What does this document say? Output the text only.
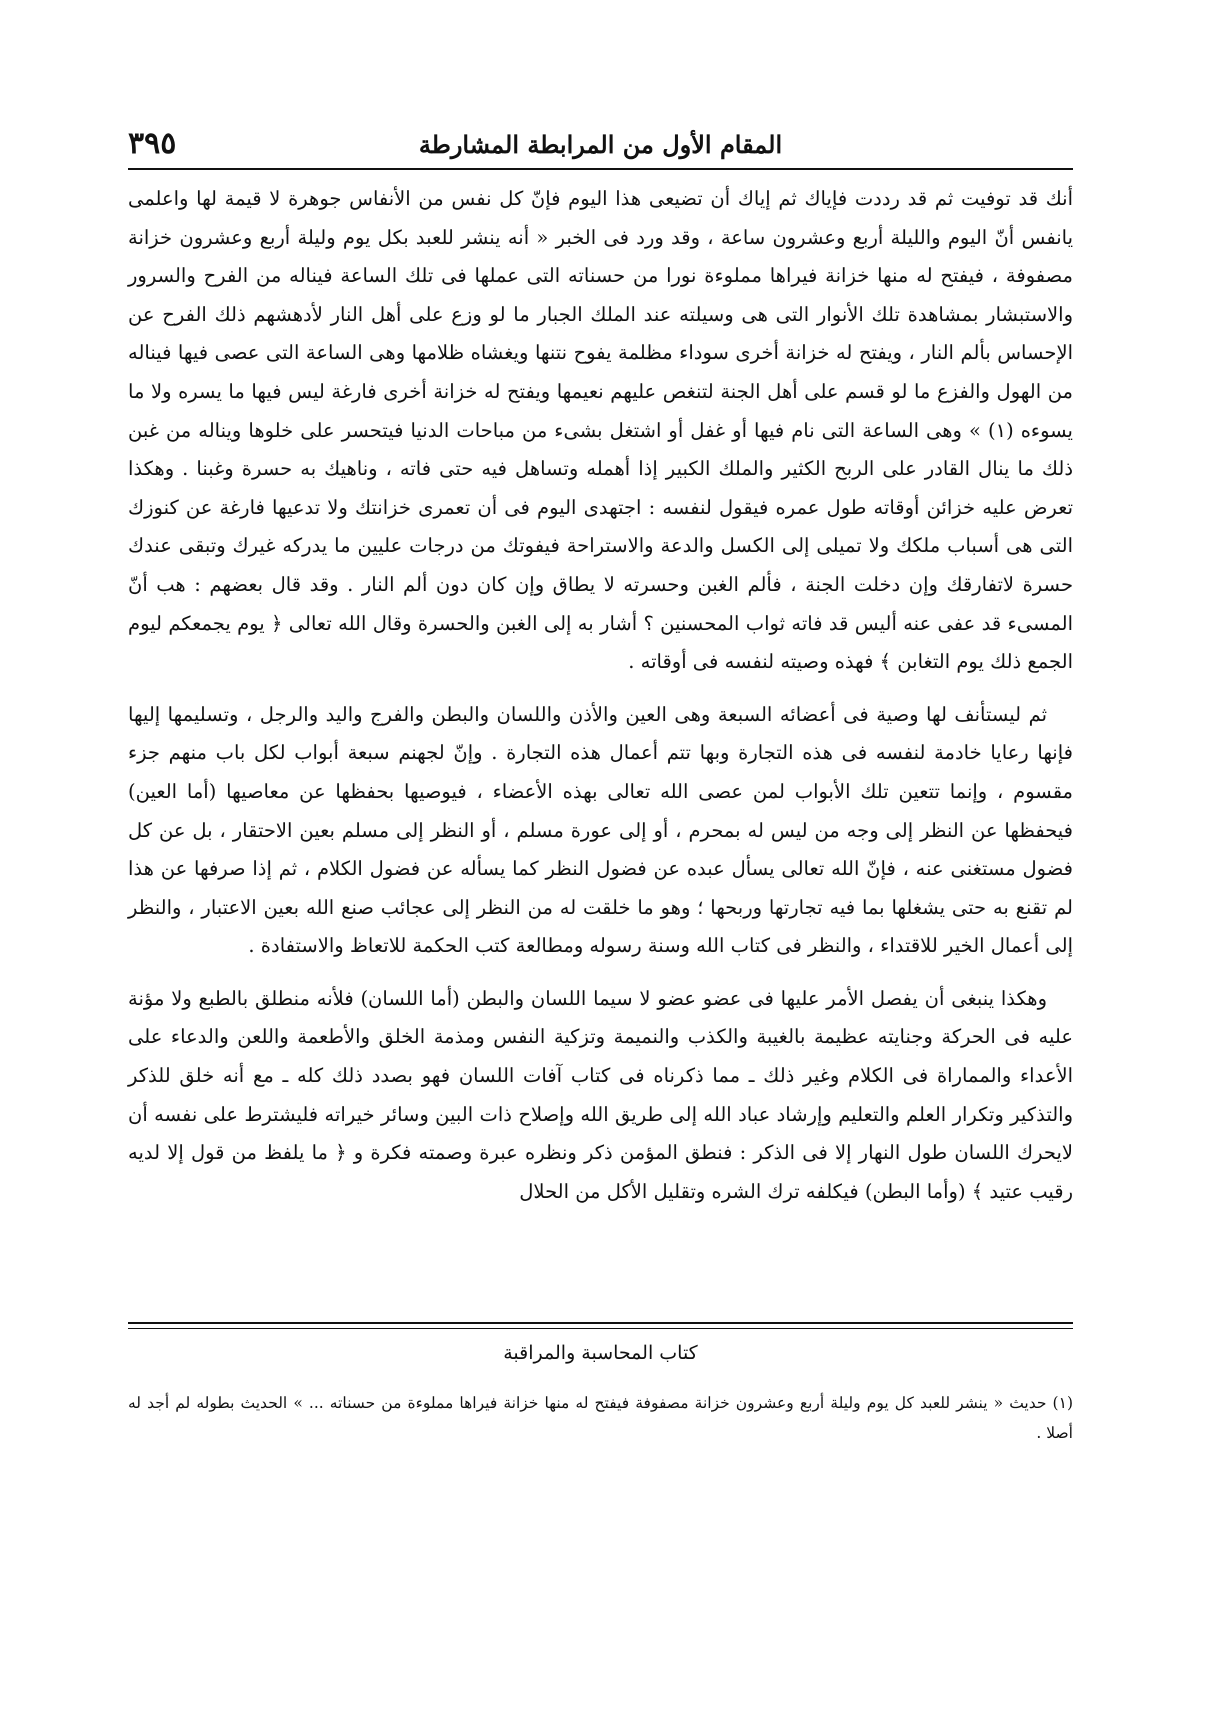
٣٩٥	المقام الأول من المرابطة المشارطة

أنك قد توفيت ثم قد رددت فإياك ثم إياك أن تضيعى هذا اليوم فإنّ كل نفس من الأنفاس جوهرة لا قيمة لها واعلمى يانفس أنّ اليوم والليلة أربع وعشرون ساعة ، وقد ورد فى الخبر « أنه ينشر للعبد بكل يوم وليلة أربع وعشرون خزانة مصفوفة ، فيفتح له منها خزانة فيراها مملوءة نورا من حسناته التى عملها فى تلك الساعة فيناله من الفرح والسرور والاستبشار بمشاهدة تلك الأنوار التى هى وسيلته عند الملك الجبار ما لو وزع على أهل النار لأدهشهم ذلك الفرح عن الإحساس بألم النار ، ويفتح له خزانة أخرى سوداء مظلمة يفوح نتنها ويغشاه ظلامها وهى الساعة التى عصى فيها فيناله من الهول والفزع ما لو قسم على أهل الجنة لتنغص عليهم نعيمها ويفتح له خزانة أخرى فارغة ليس فيها ما يسره ولا ما يسوءه (١) » وهى الساعة التى نام فيها أو غفل أو اشتغل بشىء من مباحات الدنيا فيتحسر على خلوها ويناله من غبن ذلك ما ينال القادر على الربح الكثير والملك الكبير إذا أهمله وتساهل فيه حتى فاته ، وناهيك به حسرة وغبنا . وهكذا تعرض عليه خزائن أوقاته طول عمره فيقول لنفسه : اجتهدى اليوم فى أن تعمرى خزانتك ولا تدعيها فارغة عن كنوزك التى هى أسباب ملكك ولا تميلى إلى الكسل والدعة والاستراحة فيفوتك من درجات عليين ما يدركه غيرك وتبقى عندك حسرة لاتفارقك وإن دخلت الجنة ، فألم الغبن وحسرته لا يطاق وإن كان دون ألم النار . وقد قال بعضهم : هب أنّ المسىء قد عفى عنه أليس قد فاته ثواب المحسنين ؟ أشار به إلى الغبن والحسرة وقال الله تعالى ﴿ يوم يجمعكم ليوم الجمع ذلك يوم التغابن ﴾ فهذه وصيته لنفسه فى أوقاته .

ثم ليستأنف لها وصية فى أعضائه السبعة وهى العين والأذن واللسان والبطن والفرج واليد والرجل ، وتسليمها إليها فإنها رعايا خادمة لنفسه فى هذه التجارة وبها تتم أعمال هذه التجارة . وإنّ لجهنم سبعة أبواب لكل باب منهم جزء مقسوم ، وإنما تتعين تلك الأبواب لمن عصى الله تعالى بهذه الأعضاء ، فيوصيها بحفظها عن معاصيها (أما العين) فيحفظها عن النظر إلى وجه من ليس له بمحرم ، أو إلى عورة مسلم ، أو النظر إلى مسلم بعين الاحتقار ، بل عن كل فضول مستغنى عنه ، فإنّ الله تعالى يسأل عبده عن فضول النظر كما يسأله عن فضول الكلام ، ثم إذا صرفها عن هذا لم تقنع به حتى يشغلها بما فيه تجارتها وربحها ؛ وهو ما خلقت له من النظر إلى عجائب صنع الله بعين الاعتبار ، والنظر إلى أعمال الخير للاقتداء ، والنظر فى كتاب الله وسنة رسوله ومطالعة كتب الحكمة للاتعاظ والاستفادة .

وهكذا ينبغى أن يفصل الأمر عليها فى عضو عضو لا سيما اللسان والبطن (أما اللسان) فلأنه منطلق بالطبع ولا مؤنة عليه فى الحركة وجنايته عظيمة بالغيبة والكذب والنميمة وتزكية النفس ومذمة الخلق والأطعمة واللعن والدعاء على الأعداء والمماراة فى الكلام وغير ذلك ـ مما ذكرناه فى كتاب آفات اللسان فهو بصدد ذلك كله ـ مع أنه خلق للذكر والتذكير وتكرار العلم والتعليم وإرشاد عباد الله إلى طريق الله وإصلاح ذات البين وسائر خيراته فليشترط على نفسه أن لايحرك اللسان طول النهار إلا فى الذكر : فنطق المؤمن ذكر ونظره عبرة وصمته فكرة و ﴿ ما يلفظ من قول إلا لديه رقيب عتيد ﴾ (وأما البطن) فيكلفه ترك الشره وتقليل الأكل من الحلال

كتاب المحاسبة والمراقبة

(١) حديث « ينشر للعبد كل يوم وليلة أربع وعشرون خزانة مصفوفة فيفتح له منها خزانة فيراها مملوءة من حسناته ... » الحديث بطوله لم أجد له أصلا .
